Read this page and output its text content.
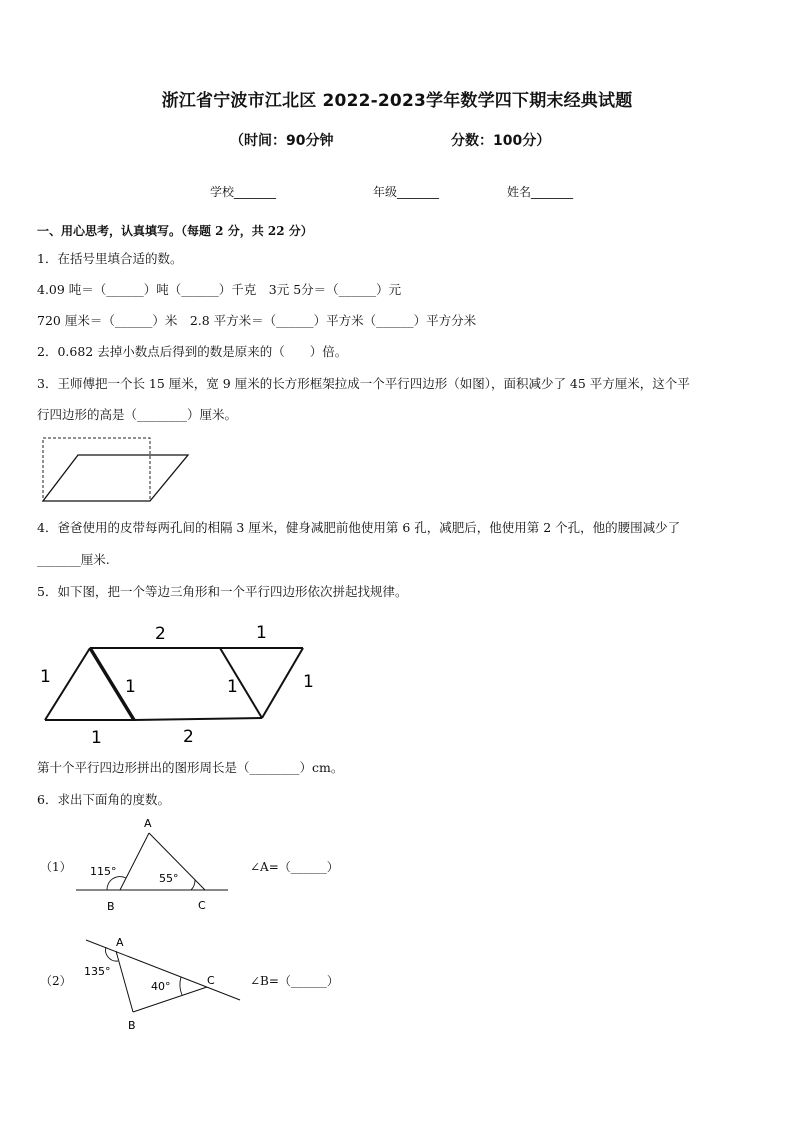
浙江省宁波市江北区 2022-2023学年数学四下期末经典试题
（时间：90分钟	分数：100分）
学校_______	年级_______	姓名_______
一、用心思考，认真填写。（每题 2 分，共 22 分）
1．在括号里填合适的数。
4.09 吨＝（______）吨（______）千克　3元 5分＝（______）元
720 厘米＝（______）米　2.8 平方米＝（______）平方米（______）平方分米
2．0.682 去掉小数点后得到的数是原来的（　　）倍。
3．王师傅把一个长 15 厘米，宽 9 厘米的长方形框架拉成一个平行四边形（如图），面积减少了 45 平方厘米，这个平
行四边形的高是（________）厘米。
4．爸爸使用的皮带每两孔间的相隔 3 厘米，健身减肥前他使用第 6 孔，减肥后，他使用第 2 个孔，他的腰围减少了
_______厘米.
5．如下图，把一个等边三角形和一个平行四边形依次拼起找规律。
2	1
1	1	1	1
1	2
第十个平行四边形拼出的图形周长是（________）cm。
6．求出下面角的度数。
（1）
A
B	C
115°
55°
∠A=（______）
（2）
A
B
C
135°
40°	∠B=（______）
